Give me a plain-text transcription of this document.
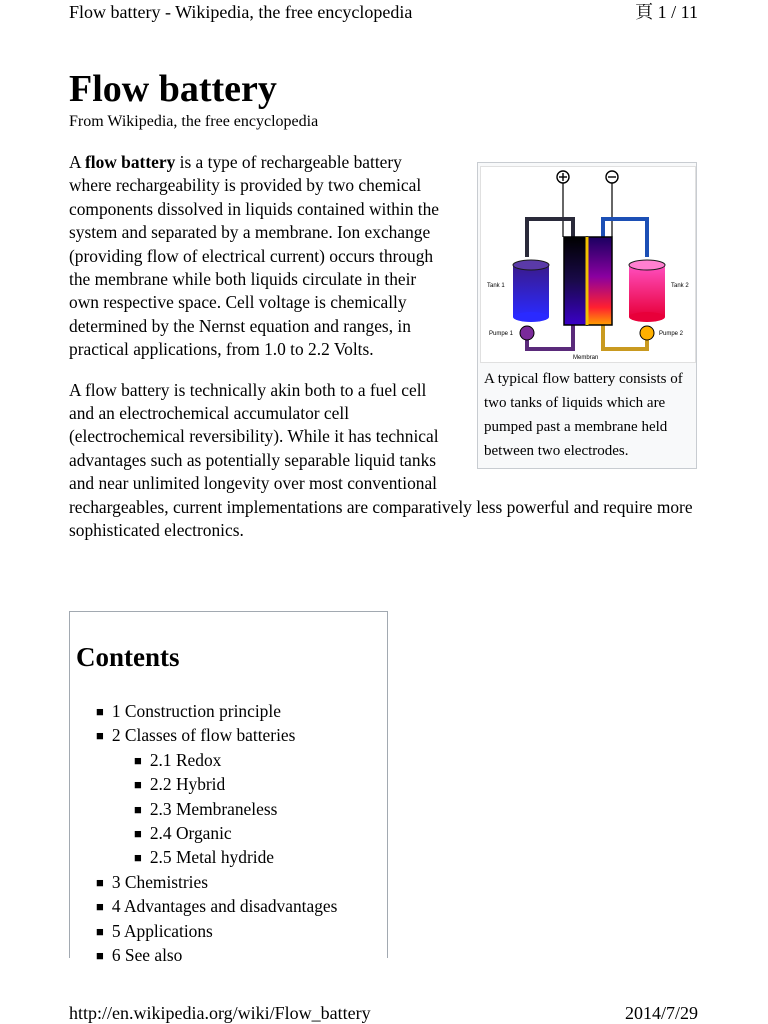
Flow battery - Wikipedia, the free encyclopedia	頁 1 / 11
Flow battery
From Wikipedia, the free encyclopedia
Tank 1	Tank 2
Pumpe 1	Pumpe 2
Membran
A typical flow battery consists of two tanks of liquids which are pumped past a membrane held between two electrodes.

A flow battery is a type of rechargeable battery where rechargeability is provided by two chemical components dissolved in liquids contained within the system and separated by a membrane. Ion exchange (providing flow of electrical current) occurs through the membrane while both liquids circulate in their own respective space. Cell voltage is chemically determined by the Nernst equation and ranges, in practical applications, from 1.0 to 2.2 Volts.

A flow battery is technically akin both to a fuel cell and an electrochemical accumulator cell (electrochemical reversibility). While it has technical advantages such as potentially separable liquid tanks and near unlimited longevity over most conventional rechargeables, current implementations are comparatively less powerful and require more sophisticated electronics.

Contents
■ 1 Construction principle
■ 2 Classes of flow batteries
■ 2.1 Redox
■ 2.2 Hybrid
■ 2.3 Membraneless
■ 2.4 Organic
■ 2.5 Metal hydride
■ 3 Chemistries
■ 4 Advantages and disadvantages
■ 5 Applications
■ 6 See also
http://en.wikipedia.org/wiki/Flow_battery	2014/7/29
